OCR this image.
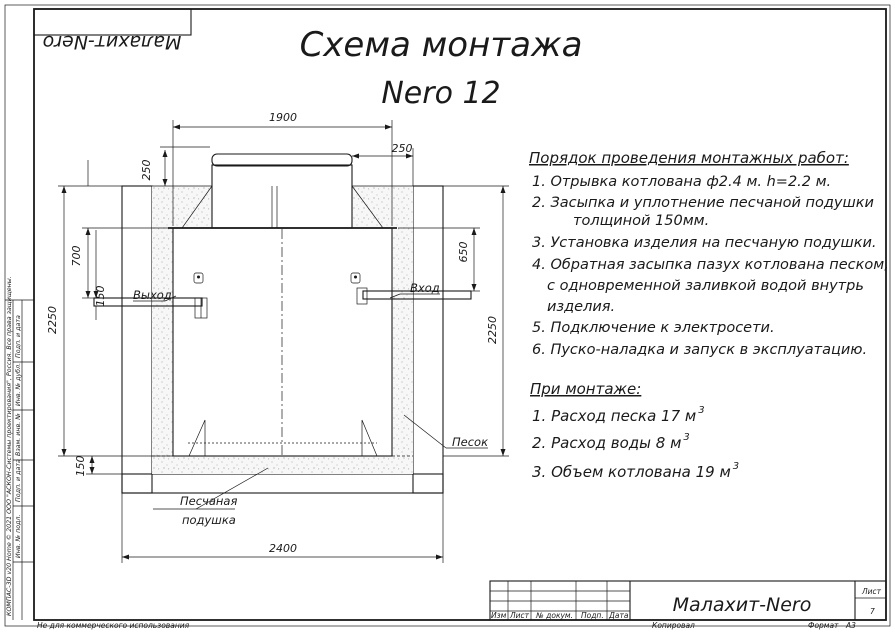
Малахит-Nero	Схема монтажа
Nero 12
Выход	Вход
Песок
Песчаная
подушка
1900
250
250
700
150
2250
150
650
2250
2400
Порядок проведения монтажных работ:
1. Отрывка котлована ф2.4 м. h=2.2 м.
2. Засыпка и уплотнение песчаной подушки
толщиной 150мм.
3. Установка изделия на песчаную подушки.
4. Обратная засыпка пазух котлована песком,
с одновременной заливкой водой внутрь
изделия.
5. Подключение к электросети.
6. Пуско-наладка и запуск в эксплуатацию.
При монтаже:
1. Расход песка 17 м $^3$
2. Расход воды 8 м $^3$
3. Объем котлована 19 м $^3$
КОМПАС-3D v20 Home © 2021 ООО "АСКОН-Системы проектирования", Россия. Все права защищены. Подп. и дата
Инв. № дубл.
Взам. инв. №
Подп. и дата
Инв. № подл.
Изм Лист № докум. Подп. Дата Малахит-Nero
Лист
7
Не для коммерческого использования	Копировал	Формат А3
